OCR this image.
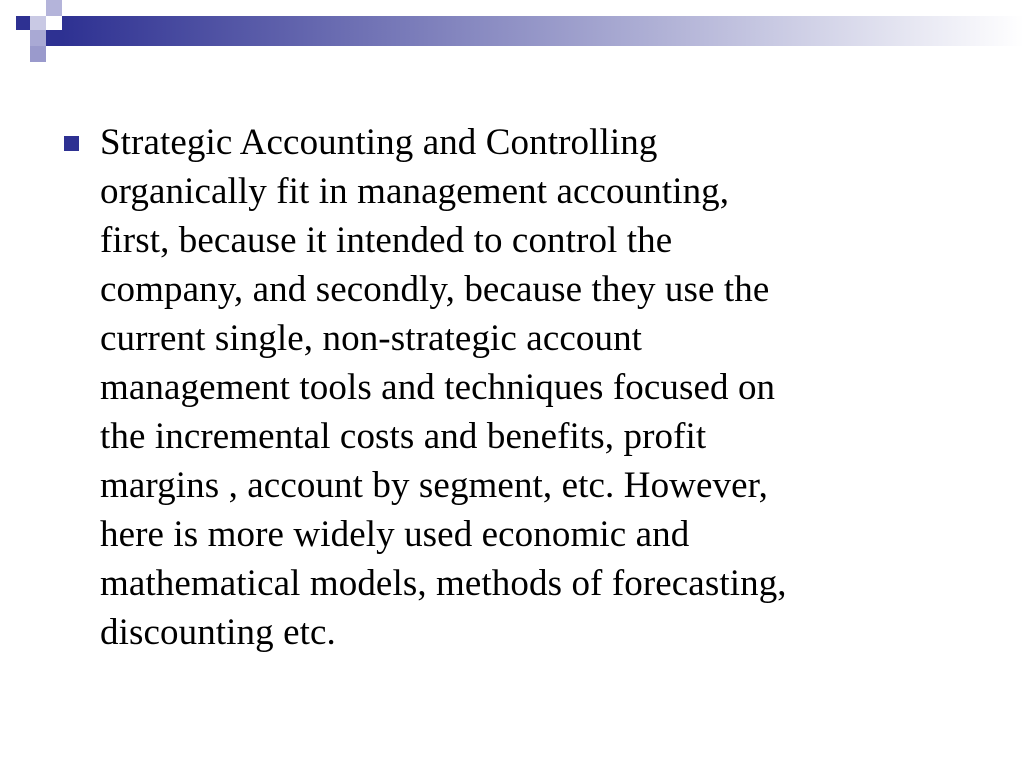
Strategic Accounting and Controlling
organically fit in management accounting,
first, because it intended to control the
company, and secondly, because they use the
current single, non-strategic account
management tools and techniques focused on
the incremental costs and benefits, profit
margins , account by segment, etc. However,
here is more widely used economic and
mathematical models, methods of forecasting,
discounting etc.
